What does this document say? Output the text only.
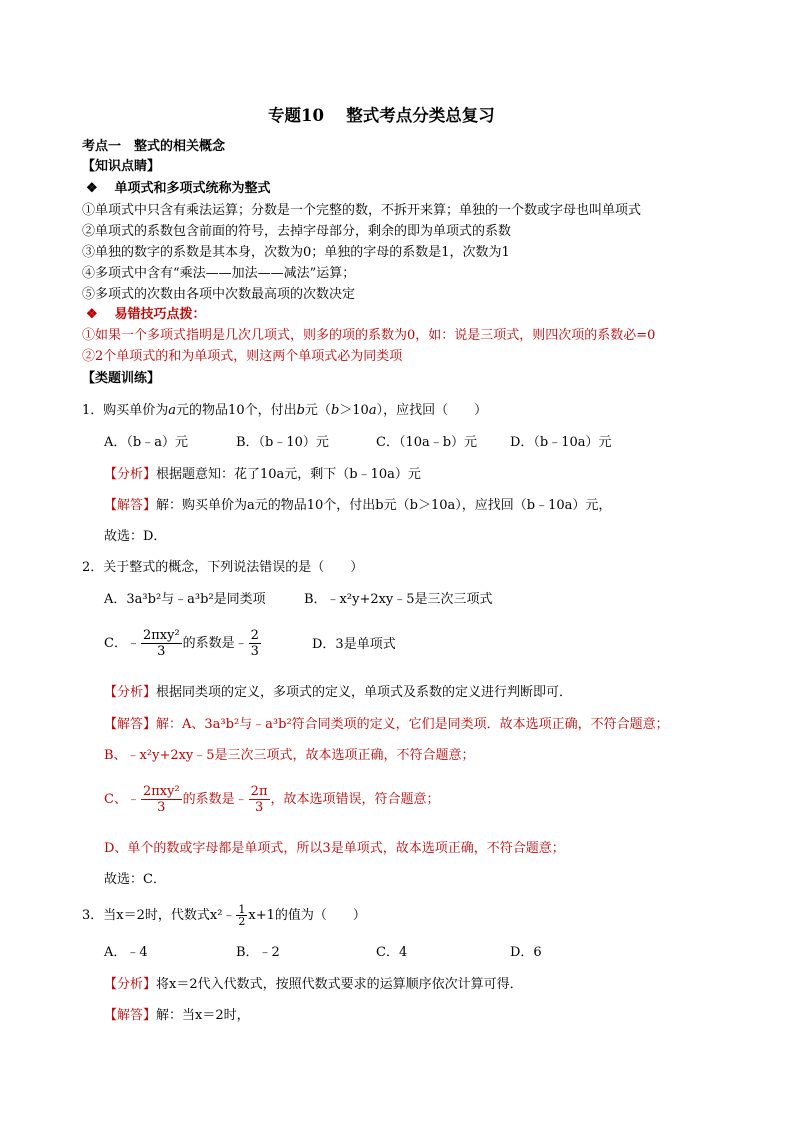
专题10　 整式考点分类总复习
考点一　整式的相关概念
【知识点睛】
❖ 单项式和多项式统称为整式
①单项式中只含有乘法运算；分数是一个完整的数，不拆开来算；单独的一个数或字母也叫单项式
②单项式的系数包含前面的符号，去掉字母部分，剩余的即为单项式的系数
③单独的数字的系数是其本身，次数为0；单独的字母的系数是1，次数为1
④多项式中含有“乘法——加法——减法”运算；
⑤多项式的次数由各项中次数最高项的次数决定
❖ 易错技巧点拨：
①如果一个多项式指明是几次几项式，则多的项的系数为0，如：说是三项式，则四次项的系数必=0
②2个单项式的和为单项式，则这两个单项式必为同类项
【类题训练】
1．购买单价为a元的物品10个，付出b元（b＞10a），应找回（　　）
A．（b﹣a）元	B．（b﹣10）元	C．（10a﹣b）元	D．（b﹣10a）元
【分析】根据题意知：花了10a元，剩下（b﹣10a）元
【解答】解：购买单价为a元的物品10个，付出b元（b＞10a），应找回（b﹣10a）元，
故选：D．
2．关于整式的概念，下列说法错误的是（　　）
A．3a³b²与﹣a³b²是同类项	B．﹣x²y+2xy﹣5是三次三项式
C．﹣ $\frac{\text{2πxy²}}{3}$ 的系数是﹣ $\frac{2}{3}$	D．3是单项式
【分析】根据同类项的定义，多项式的定义，单项式及系数的定义进行判断即可．
【解答】解：A、3a³b²与﹣a³b²符合同类项的定义，它们是同类项．故本选项正确，不符合题意；
B、﹣x²y+2xy﹣5是三次三项式，故本选项正确，不符合题意；
C、﹣ $\frac{\text{2πxy²}}{3}$ 的系数是﹣ $\frac{2\pi}{3}$ ，故本选项错误，符合题意；
D、单个的数或字母都是单项式，所以3是单项式，故本选项正确，不符合题意；
故选：C．
3．当x＝2时，代数式x²﹣ $\frac{1}{2} x+1$的值为（　　）
A．﹣4	B．﹣2	C．4	D．6
【分析】将x＝2代入代数式，按照代数式要求的运算顺序依次计算可得．
【解答】解：当x＝2时，
